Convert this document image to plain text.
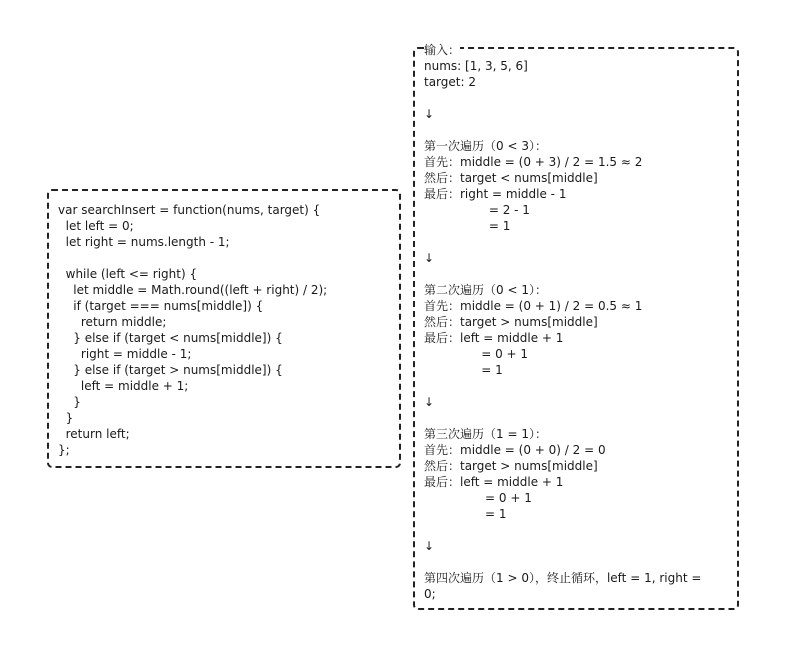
var searchInsert = function(nums, target) {
let left = 0;
let right = nums.length - 1;
while (left <= right) {
let middle = Math.round((left + right) / 2);
if (target === nums[middle]) {
return middle;
} else if (target < nums[middle]) {
right = middle - 1;
} else if (target > nums[middle]) {
left = middle + 1;
}
}
return left;
};
输入：
nums: [1, 3, 5, 6]
target: 2
↓
第一次遍历（0 < 3）：
首先：middle = (0 + 3) / 2 = 1.5 ≈ 2
然后：target < nums[middle]
最后：right = middle - 1
= 2 - 1
= 1
↓
第二次遍历（0 < 1）：
首先：middle = (0 + 1) / 2 = 0.5 ≈ 1
然后：target > nums[middle]
最后：left = middle + 1
= 0 + 1
= 1
↓
第三次遍历（1 = 1）：
首先：middle = (0 + 0) / 2 = 0
然后：target > nums[middle]
最后：left = middle + 1
= 0 + 1
= 1
↓
第四次遍历（1 > 0），终止循环，left = 1, right =
0;
